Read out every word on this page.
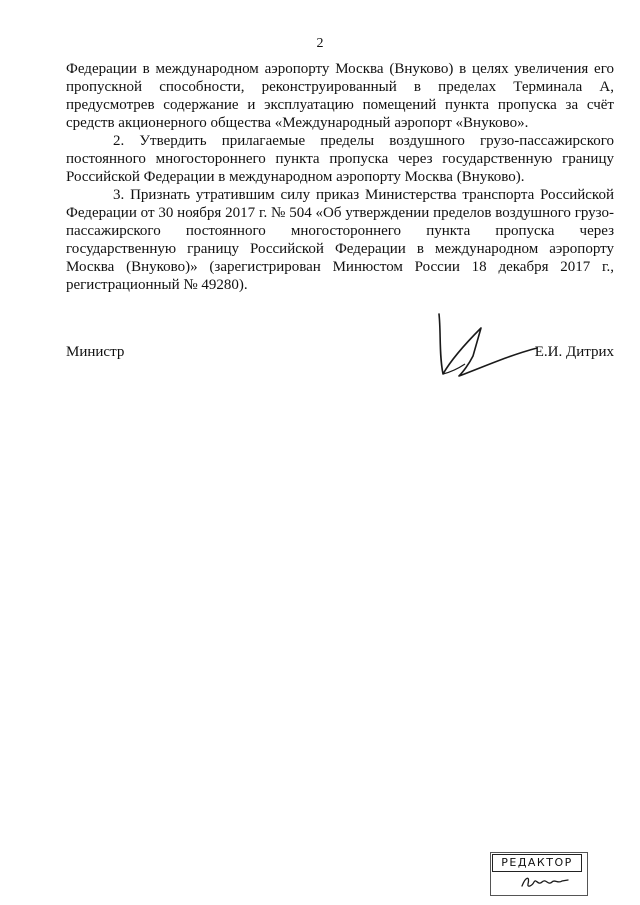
2

Федерации в международном аэропорту Москва (Внуково) в целях увеличения его пропускной способности, реконструированный в пределах Терминала А, предусмотрев содержание и эксплуатацию помещений пункта пропуска за счёт средств акционерного общества «Международный аэропорт «Внуково».

2. Утвердить прилагаемые пределы воздушного грузо-пассажирского постоянного многостороннего пункта пропуска через государственную границу Российской Федерации в международном аэропорту Москва (Внуково).

3. Признать утратившим силу приказ Министерства транспорта Российской Федерации от 30 ноября 2017 г. № 504 «Об утверждении пределов воздушного грузо-пассажирского постоянного многостороннего пункта пропуска через государственную границу Российской Федерации в международном аэропорту Москва (Внуково)» (зарегистрирован Минюстом России 18 декабря 2017 г., регистрационный № 49280).

Министр	Е.И. Дитрих
РЕДАКТОР
